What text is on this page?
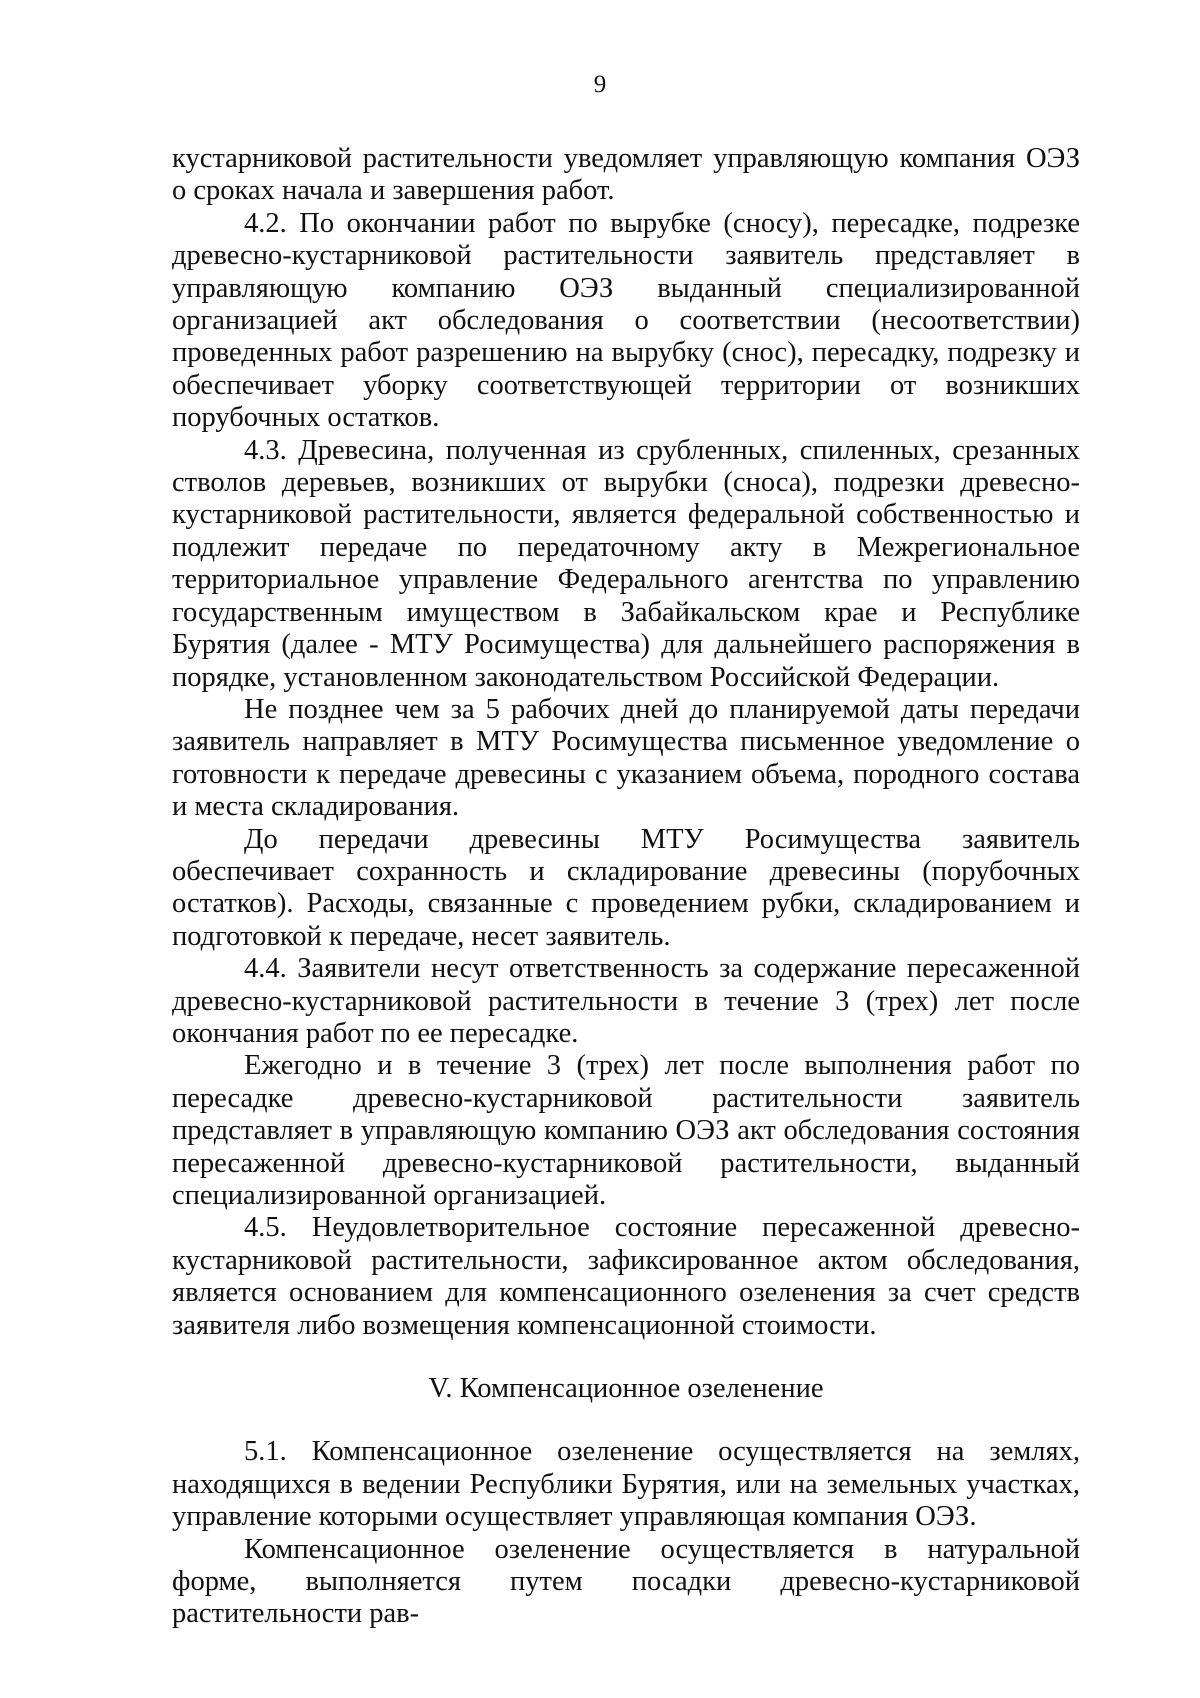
9

кустарниковой растительности уведомляет управляющую компания ОЭЗ о сроках начала и завершения работ.

4.2. По окончании работ по вырубке (сносу), пересадке, подрезке древесно-кустарниковой растительности заявитель представляет в управляющую компанию ОЭЗ выданный специализированной организацией акт обследования о соответствии (несоответствии) проведенных работ разрешению на вырубку (снос), пересадку, подрезку и обеспечивает уборку соответствующей территории от возникших порубочных остатков.

4.3. Древесина, полученная из срубленных, спиленных, срезанных стволов деревьев, возникших от вырубки (сноса), подрезки древесно-кустарниковой растительности, является федеральной собственностью и подлежит передаче по передаточному акту в Межрегиональное территориальное управление Федерального агентства по управлению государственным имуществом в Забайкальском крае и Республике Бурятия (далее - МТУ Росимущества) для дальнейшего распоряжения в порядке, установленном законодательством Российской Федерации.

Не позднее чем за 5 рабочих дней до планируемой даты передачи заявитель направляет в МТУ Росимущества письменное уведомление о готовности к передаче древесины с указанием объема, породного состава и места складирования.

До передачи древесины МТУ Росимущества заявитель обеспечивает сохранность и складирование древесины (порубочных остатков). Расходы, связанные с проведением рубки, складированием и подготовкой к передаче, несет заявитель.

4.4. Заявители несут ответственность за содержание пересаженной древесно-кустарниковой растительности в течение 3 (трех) лет после окончания работ по ее пересадке.

Ежегодно и в течение 3 (трех) лет после выполнения работ по пересадке древесно-кустарниковой растительности заявитель представляет в управляющую компанию ОЭЗ акт обследования состояния пересаженной древесно-кустарниковой растительности, выданный специализированной организацией.

4.5. Неудовлетворительное состояние пересаженной древесно-кустарниковой растительности, зафиксированное актом обследования, является основанием для компенсационного озеленения за счет средств заявителя либо возмещения компенсационной стоимости.

V. Компенсационное озеленение

5.1. Компенсационное озеленение осуществляется на землях, находящихся в ведении Республики Бурятия, или на земельных участках, управление которыми осуществляет управляющая компания ОЭЗ.

Компенсационное озеленение осуществляется в натуральной форме, выполняется путем посадки древесно-кустарниковой растительности рав-
